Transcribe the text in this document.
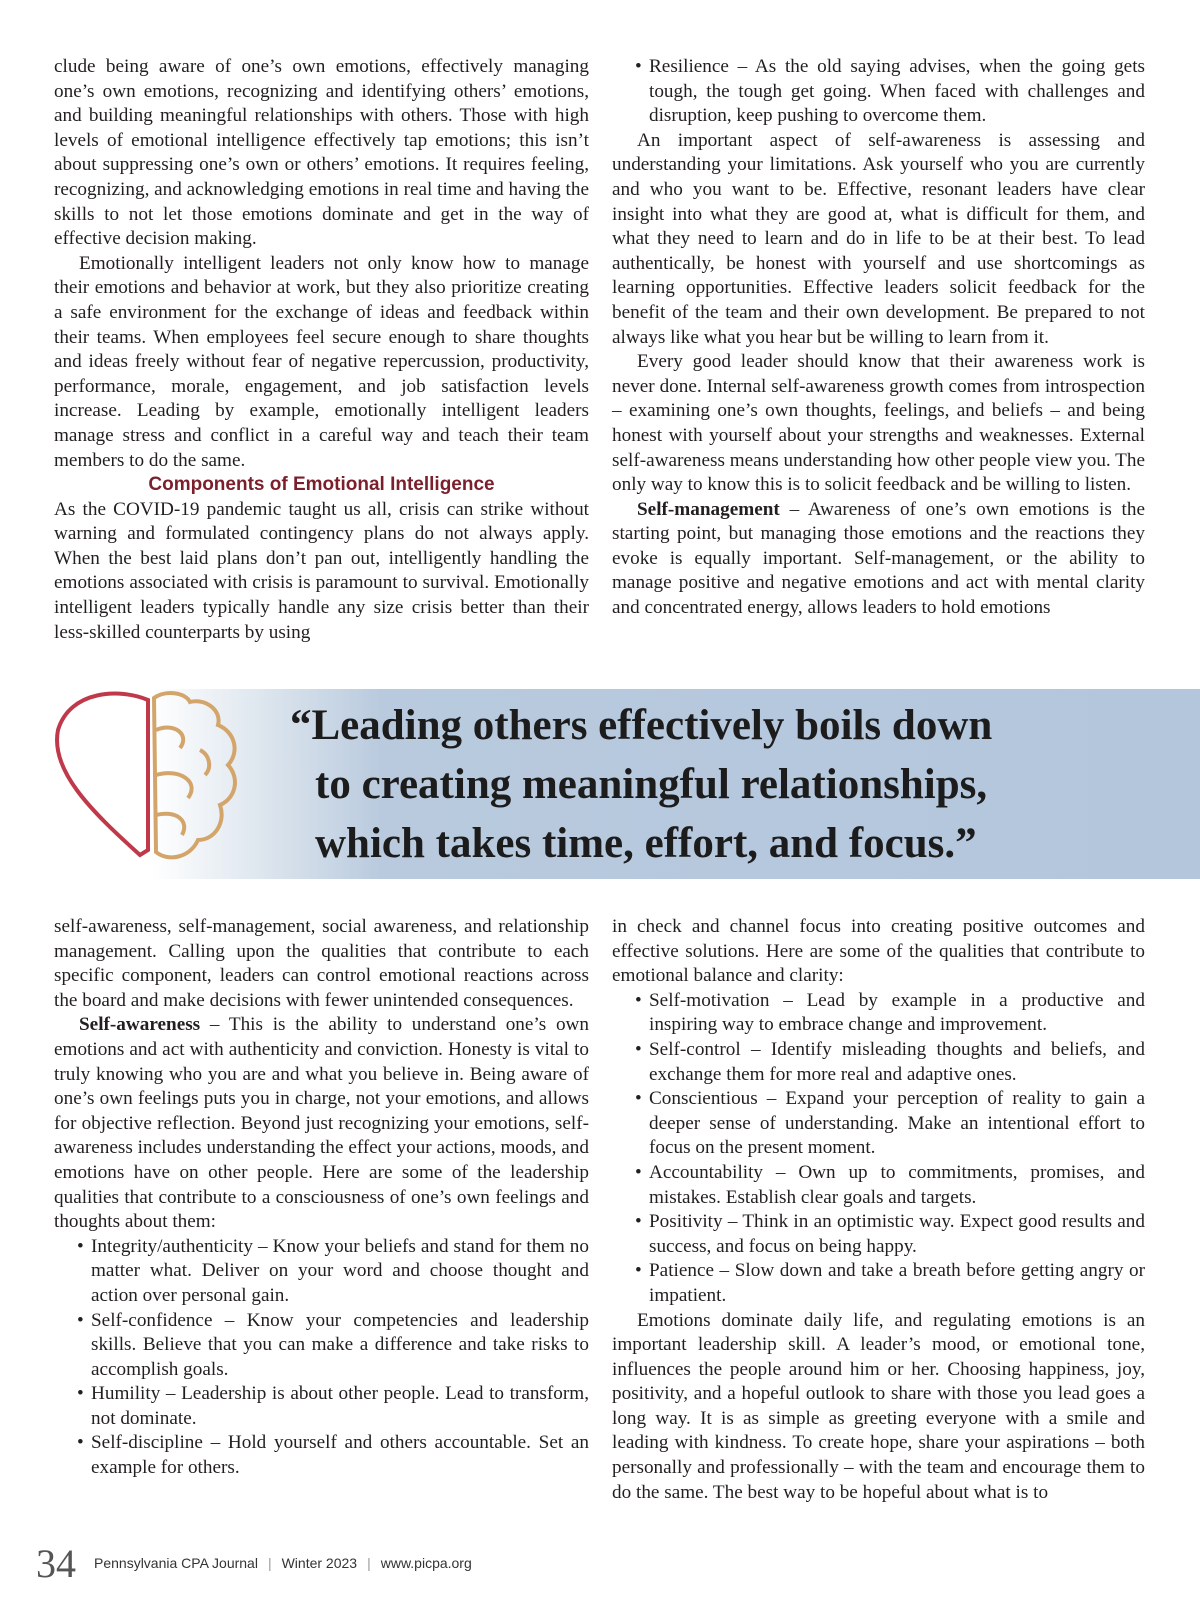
clude being aware of one’s own emotions, effectively managing one’s own emotions, recognizing and identifying others’ emotions, and building meaningful relationships with others. Those with high levels of emotional intelligence effectively tap emotions; this isn’t about suppressing one’s own or others’ emotions. It requires feeling, recognizing, and acknowledging emotions in real time and having the skills to not let those emotions dominate and get in the way of effective decision making.

Emotionally intelligent leaders not only know how to manage their emotions and behavior at work, but they also prioritize creating a safe environment for the exchange of ideas and feedback within their teams. When employees feel secure enough to share thoughts and ideas freely without fear of negative repercussion, productivity, performance, morale, engagement, and job satisfaction levels increase. Leading by example, emotionally intelligent leaders manage stress and conflict in a careful way and teach their team members to do the same.

Components of Emotional Intelligence

As the COVID-19 pandemic taught us all, crisis can strike without warning and formulated contingency plans do not always apply. When the best laid plans don’t pan out, intelligently handling the emotions associated with crisis is paramount to survival. Emotionally intelligent leaders typically handle any size crisis better than their less-skilled counterparts by using

• Resilience – As the old saying advises, when the going gets tough, the tough get going. When faced with challenges and disruption, keep pushing to overcome them.

An important aspect of self-awareness is assessing and understanding your limitations. Ask yourself who you are currently and who you want to be. Effective, resonant leaders have clear insight into what they are good at, what is difficult for them, and what they need to learn and do in life to be at their best. To lead authentically, be honest with yourself and use shortcomings as learning opportunities. Effective leaders solicit feedback for the benefit of the team and their own development. Be prepared to not always like what you hear but be willing to learn from it.

Every good leader should know that their awareness work is never done. Internal self-awareness growth comes from introspection – examining one’s own thoughts, feelings, and beliefs – and being honest with yourself about your strengths and weaknesses. External self-awareness means understanding how other people view you. The only way to know this is to solicit feedback and be willing to listen.

Self-management – Awareness of one’s own emotions is the starting point, but managing those emotions and the reactions they evoke is equally important. Self-management, or the ability to manage positive and negative emotions and act with mental clarity and concentrated energy, allows leaders to hold emotions

“Leading others effectively boils down
to creating meaningful relationships,
which takes time, effort, and focus.”

self-awareness, self-management, social awareness, and relationship management. Calling upon the qualities that contribute to each specific component, leaders can control emotional reactions across the board and make decisions with fewer unintended consequences.

Self-awareness – This is the ability to understand one’s own emotions and act with authenticity and conviction. Honesty is vital to truly knowing who you are and what you believe in. Being aware of one’s own feelings puts you in charge, not your emotions, and allows for objective reflection. Beyond just recognizing your emotions, self-awareness includes understanding the effect your actions, moods, and emotions have on other people. Here are some of the leadership qualities that contribute to a consciousness of one’s own feelings and thoughts about them:

• Integrity/authenticity – Know your beliefs and stand for them no matter what. Deliver on your word and choose thought and action over personal gain.
• Self-confidence – Know your competencies and leadership skills. Believe that you can make a difference and take risks to accomplish goals.
• Humility – Leadership is about other people. Lead to transform, not dominate.
• Self-discipline – Hold yourself and others accountable. Set an example for others.

in check and channel focus into creating positive outcomes and effective solutions. Here are some of the qualities that contribute to emotional balance and clarity:

• Self-motivation – Lead by example in a productive and inspiring way to embrace change and improvement.
• Self-control – Identify misleading thoughts and beliefs, and exchange them for more real and adaptive ones.
• Conscientious – Expand your perception of reality to gain a deeper sense of understanding. Make an intentional effort to focus on the present moment.
• Accountability – Own up to commitments, promises, and mistakes. Establish clear goals and targets.
• Positivity – Think in an optimistic way. Expect good results and success, and focus on being happy.
• Patience – Slow down and take a breath before getting angry or impatient.

Emotions dominate daily life, and regulating emotions is an important leadership skill. A leader’s mood, or emotional tone, influences the people around him or her. Choosing happiness, joy, positivity, and a hopeful outlook to share with those you lead goes a long way. It is as simple as greeting everyone with a smile and leading with kindness. To create hope, share your aspirations – both personally and professionally – with the team and encourage them to do the same. The best way to be hopeful about what is to

34 Pennsylvania CPA Journal | Winter 2023 | www.picpa.org
